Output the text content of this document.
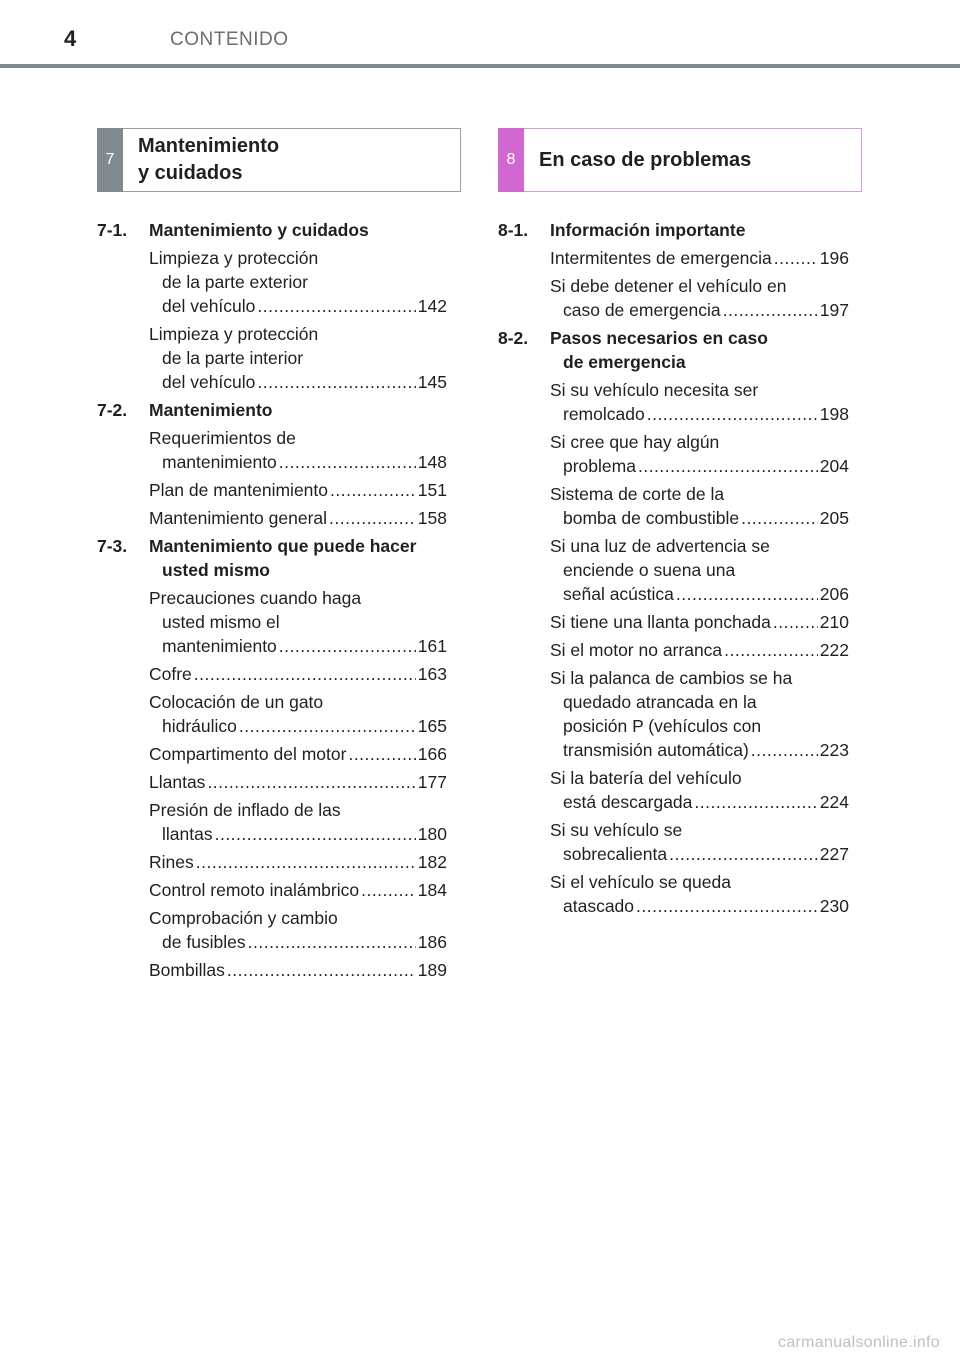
4	CONTENIDO
7
Mantenimiento
y cuidados
8	En caso de problemas
7-1. Mantenimiento y cuidados
Limpieza y protección
de la parte exterior
del vehículo .....	142
Limpieza y protección
de la parte interior
del vehículo .....	145
7-2. Mantenimiento
Requerimientos de
mantenimiento .....	148
Plan de mantenimiento .....	151
Mantenimiento general .....	158
7-3. Mantenimiento que puede hacer
usted mismo
Precauciones cuando haga
usted mismo el
mantenimiento .....	161
Cofre .....	163
Colocación de un gato
hidráulico .....	165
Compartimento del motor .....	166
Llantas .....	177
Presión de inflado de las
llantas .....	180
Rines .....	182
Control remoto inalámbrico .....	184
Comprobación y cambio
de fusibles .....	186
Bombillas .....	189
8-1. Información importante
Intermitentes de emergencia .....	196
Si debe detener el vehículo en
caso de emergencia .....	197
8-2. Pasos necesarios en caso
de emergencia
Si su vehículo necesita ser
remolcado .....	198
Si cree que hay algún
problema .....	204
Sistema de corte de la
bomba de combustible .....	205
Si una luz de advertencia se
enciende o suena una
señal acústica .....	206
Si tiene una llanta ponchada .....	210
Si el motor no arranca .....	222
Si la palanca de cambios se ha
quedado atrancada en la
posición P (vehículos con
transmisión automática) .....	223
Si la batería del vehículo
está descargada .....	224
Si su vehículo se
sobrecalienta .....	227
Si el vehículo se queda
atascado .....	230
carmanualsonline.info
